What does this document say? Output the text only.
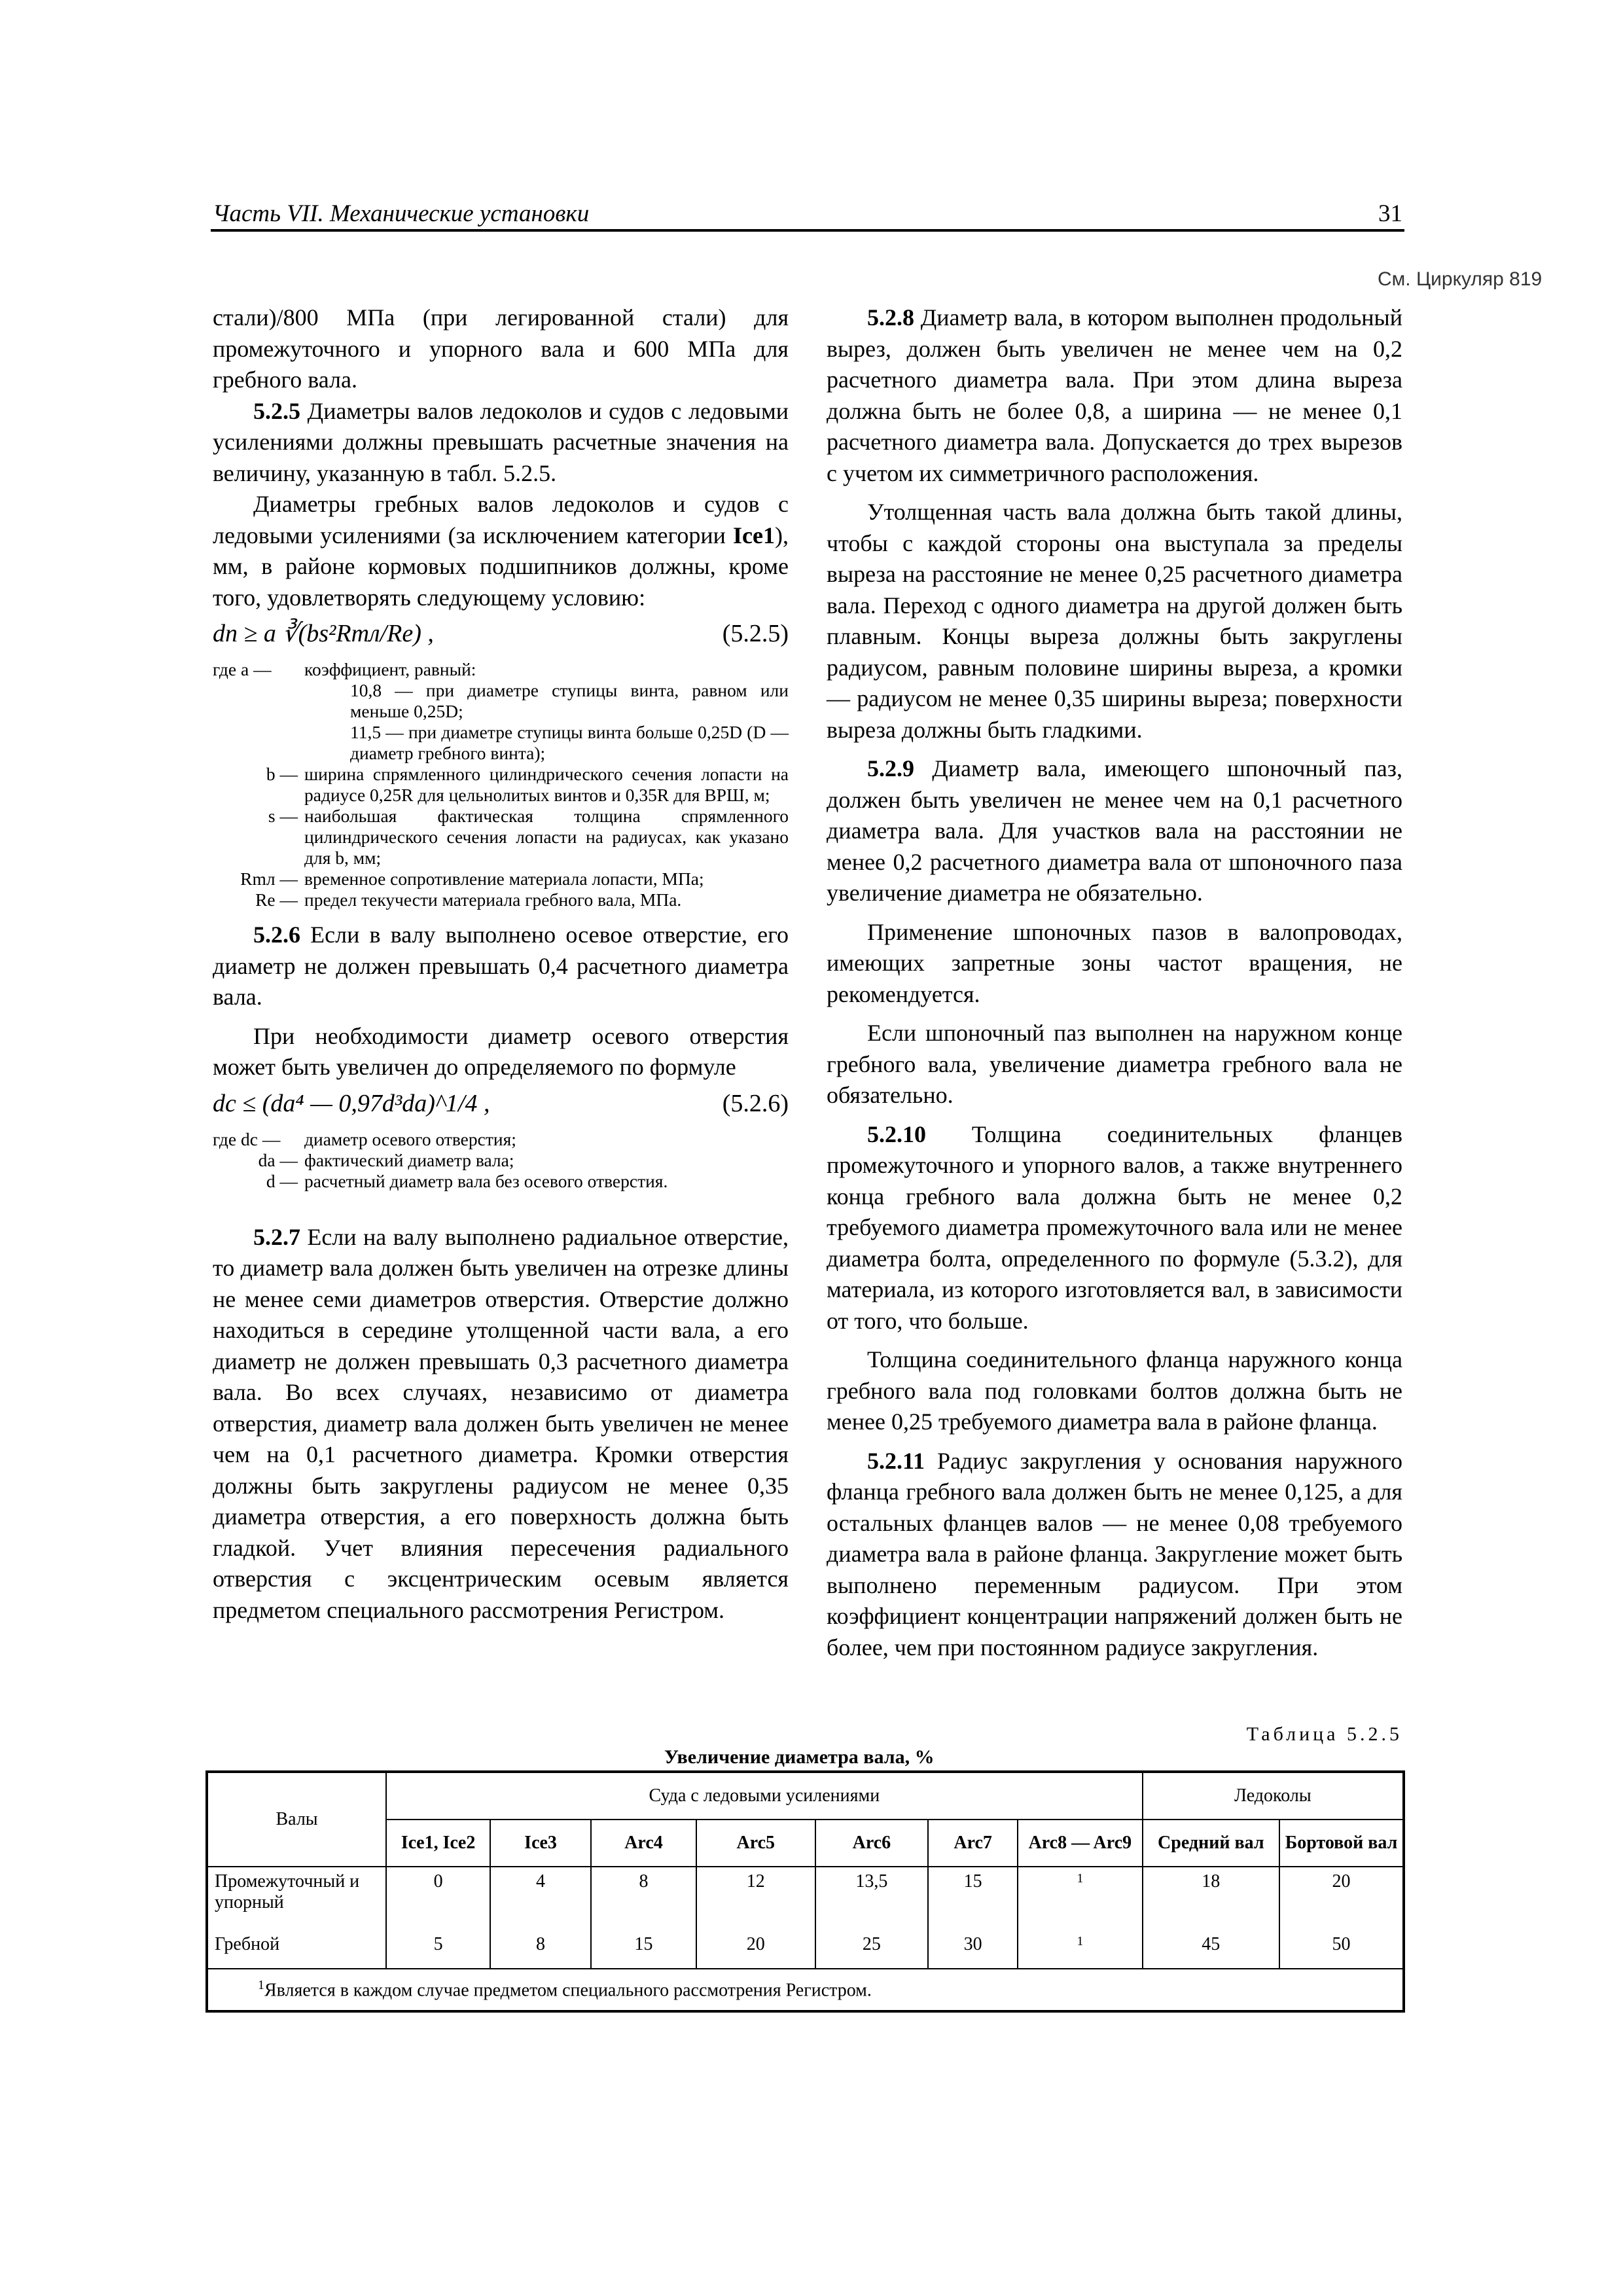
Часть VII. Механические установки	31
См. Циркуляр 819

стали)/800 МПа (при легированной стали) для промежуточного и упорного вала и 600 МПа для гребного вала.

5.2.5 Диаметры валов ледоколов и судов с ледовыми усилениями должны превышать расчетные значения на величину, указанную в табл. 5.2.5.

Диаметры гребных валов ледоколов и судов с ледовыми усилениями (за исключением категории Ice1), мм, в районе кормовых подшипников должны, кроме того, удовлетворять следующему условию:

dп ≥ a ∛(bs²Rmл/Re) ,	(5.2.5)
где a —	коэффициент, равный:
10,8 — при диаметре ступицы винта, равном или меньше 0,25D;
11,5 — при диаметре ступицы винта больше 0,25D (D — диаметр гребного винта);
b — ширина спрямленного цилиндрического сечения лопасти на радиусе 0,25R для цельнолитых винтов и 0,35R для ВРШ, м;
s — наибольшая фактическая толщина спрямленного цилиндрического сечения лопасти на радиусах, как указано для b, мм;
Rmл — временное сопротивление материала лопасти, МПа;
Re — предел текучести материала гребного вала, МПа.

5.2.6 Если в валу выполнено осевое отверстие, его диаметр не должен превышать 0,4 расчетного диаметра вала.

При необходимости диаметр осевого отверстия может быть увеличен до определяемого по формуле

dc ≤ (da⁴ — 0,97d³da)^1/4 ,	(5.2.6)
где dc —	диаметр осевого отверстия;
da — фактический диаметр вала;
d — расчетный диаметр вала без осевого отверстия.

5.2.7 Если на валу выполнено радиальное отверстие, то диаметр вала должен быть увеличен на отрезке длины не менее семи диаметров отверстия. Отверстие должно находиться в середине утолщенной части вала, а его диаметр не должен превышать 0,3 расчетного диаметра вала. Во всех случаях, независимо от диаметра отверстия, диаметр вала должен быть увеличен не менее чем на 0,1 расчетного диаметра. Кромки отверстия должны быть закруглены радиусом не менее 0,35 диаметра отверстия, а его поверхность должна быть гладкой. Учет влияния пересечения радиального отверстия с эксцентрическим осевым является предметом специального рассмотрения Регистром.

5.2.8 Диаметр вала, в котором выполнен продольный вырез, должен быть увеличен не менее чем на 0,2 расчетного диаметра вала. При этом длина выреза должна быть не более 0,8, а ширина — не менее 0,1 расчетного диаметра вала. Допускается до трех вырезов с учетом их симметричного расположения.

Утолщенная часть вала должна быть такой длины, чтобы с каждой стороны она выступала за пределы выреза на расстояние не менее 0,25 расчетного диаметра вала. Переход с одного диаметра на другой должен быть плавным. Концы выреза должны быть закруглены радиусом, равным половине ширины выреза, а кромки — радиусом не менее 0,35 ширины выреза; поверхности выреза должны быть гладкими.

5.2.9 Диаметр вала, имеющего шпоночный паз, должен быть увеличен не менее чем на 0,1 расчетного диаметра вала. Для участков вала на расстоянии не менее 0,2 расчетного диаметра вала от шпоночного паза увеличение диаметра не обязательно.

Применение шпоночных пазов в валопроводах, имеющих запретные зоны частот вращения, не рекомендуется.

Если шпоночный паз выполнен на наружном конце гребного вала, увеличение диаметра гребного вала не обязательно.

5.2.10 Толщина соединительных фланцев промежуточного и упорного валов, а также внутреннего конца гребного вала должна быть не менее 0,2 требуемого диаметра промежуточного вала или не менее диаметра болта, определенного по формуле (5.3.2), для материала, из которого изготовляется вал, в зависимости от того, что больше.

Толщина соединительного фланца наружного конца гребного вала под головками болтов должна быть не менее 0,25 требуемого диаметра вала в районе фланца.

5.2.11 Радиус закругления у основания наружного фланца гребного вала должен быть не менее 0,125, а для остальных фланцев валов — не менее 0,08 требуемого диаметра вала в районе фланца. Закругление может быть выполнено переменным радиусом. При этом коэффициент концентрации напряжений должен быть не более, чем при постоянном радиусе закругления.

Таблица 5.2.5
Увеличение диаметра вала, %
Валы	Суда с ледовыми усилениями							Ледоколы	
	Ice1, Ice2	Ice3	Arc4	Arc5	Arc6	Arc7	Arc8 — Arc9	Средний вал	Бортовой вал
Промежуточный и упорный	0	4	8	12	13,5	15	$^1$	18	20
Гребной	5	8	15	20	25	30	$^1$	45	50
$^1$Является в каждом случае предметом специального рассмотрения Регистром.									
